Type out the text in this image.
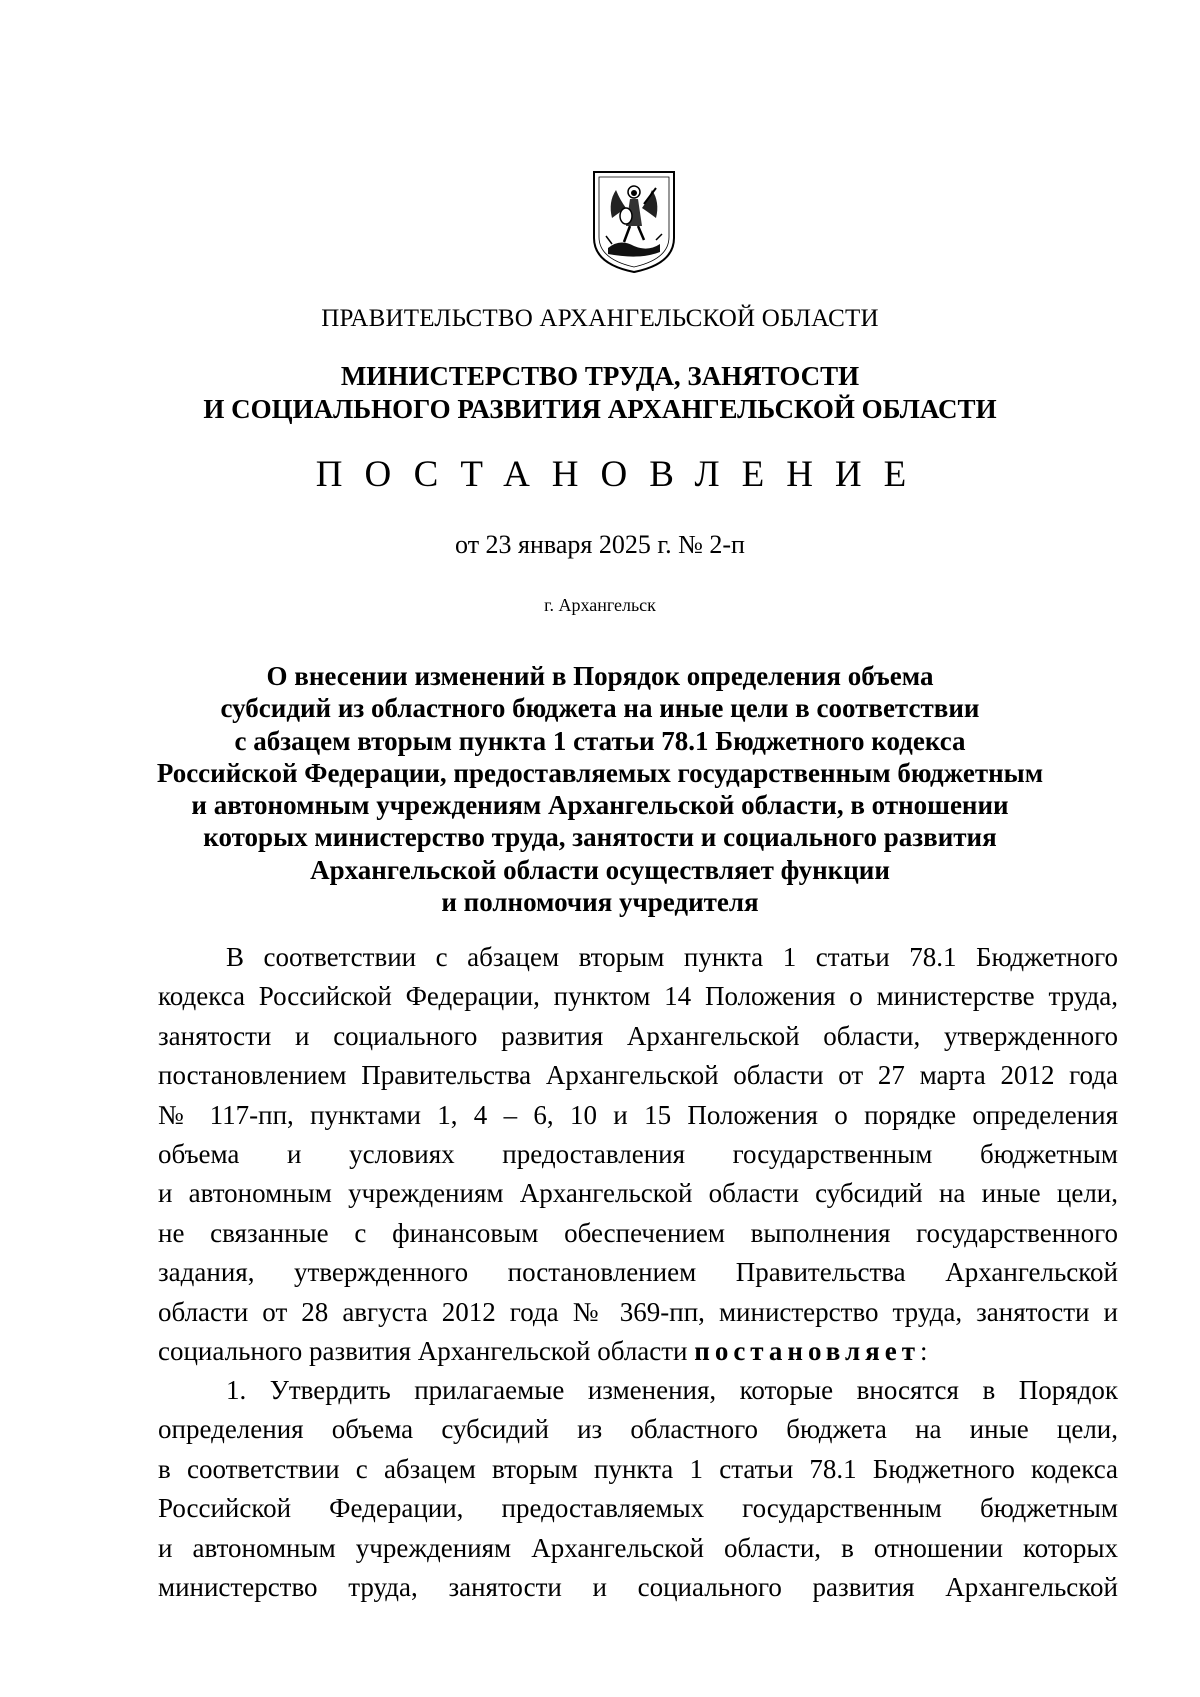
ПРАВИТЕЛЬСТВО АРХАНГЕЛЬСКОЙ ОБЛАСТИ
МИНИСТЕРСТВО ТРУДА, ЗАНЯТОСТИ
И СОЦИАЛЬНОГО РАЗВИТИЯ АРХАНГЕЛЬСКОЙ ОБЛАСТИ
ПОСТАНОВЛЕНИЕ
от 23 января 2025 г. № 2-п
г. Архангельск
О внесении изменений в Порядок определения объема
субсидий из областного бюджета на иные цели в соответствии
с абзацем вторым пункта 1 статьи 78.1 Бюджетного кодекса
Российской Федерации, предоставляемых государственным бюджетным
и автономным учреждениям Архангельской области, в отношении
которых министерство труда, занятости и социального развития
Архангельской области осуществляет функции
и полномочия учредителя
В соответствии с абзацем вторым пункта 1 статьи 78.1 Бюджетного
кодекса Российской Федерации, пунктом 14 Положения о министерстве труда,
занятости и социального развития Архангельской области, утвержденного
постановлением Правительства Архангельской области от 27 марта 2012 года
№ 117-пп, пунктами 1, 4 – 6, 10 и 15 Положения о порядке определения
объема и условиях предоставления государственным бюджетным
и автономным учреждениям Архангельской области субсидий на иные цели,
не связанные с финансовым обеспечением выполнения государственного
задания, утвержденного постановлением Правительства Архангельской
области от 28 августа 2012 года № 369-пп, министерство труда, занятости и
социального развития Архангельской области постановляет:
1. Утвердить прилагаемые изменения, которые вносятся в Порядок
определения объема субсидий из областного бюджета на иные цели,
в соответствии с абзацем вторым пункта 1 статьи 78.1 Бюджетного кодекса
Российской Федерации, предоставляемых государственным бюджетным
и автономным учреждениям Архангельской области, в отношении которых
министерство труда, занятости и социального развития Архангельской
